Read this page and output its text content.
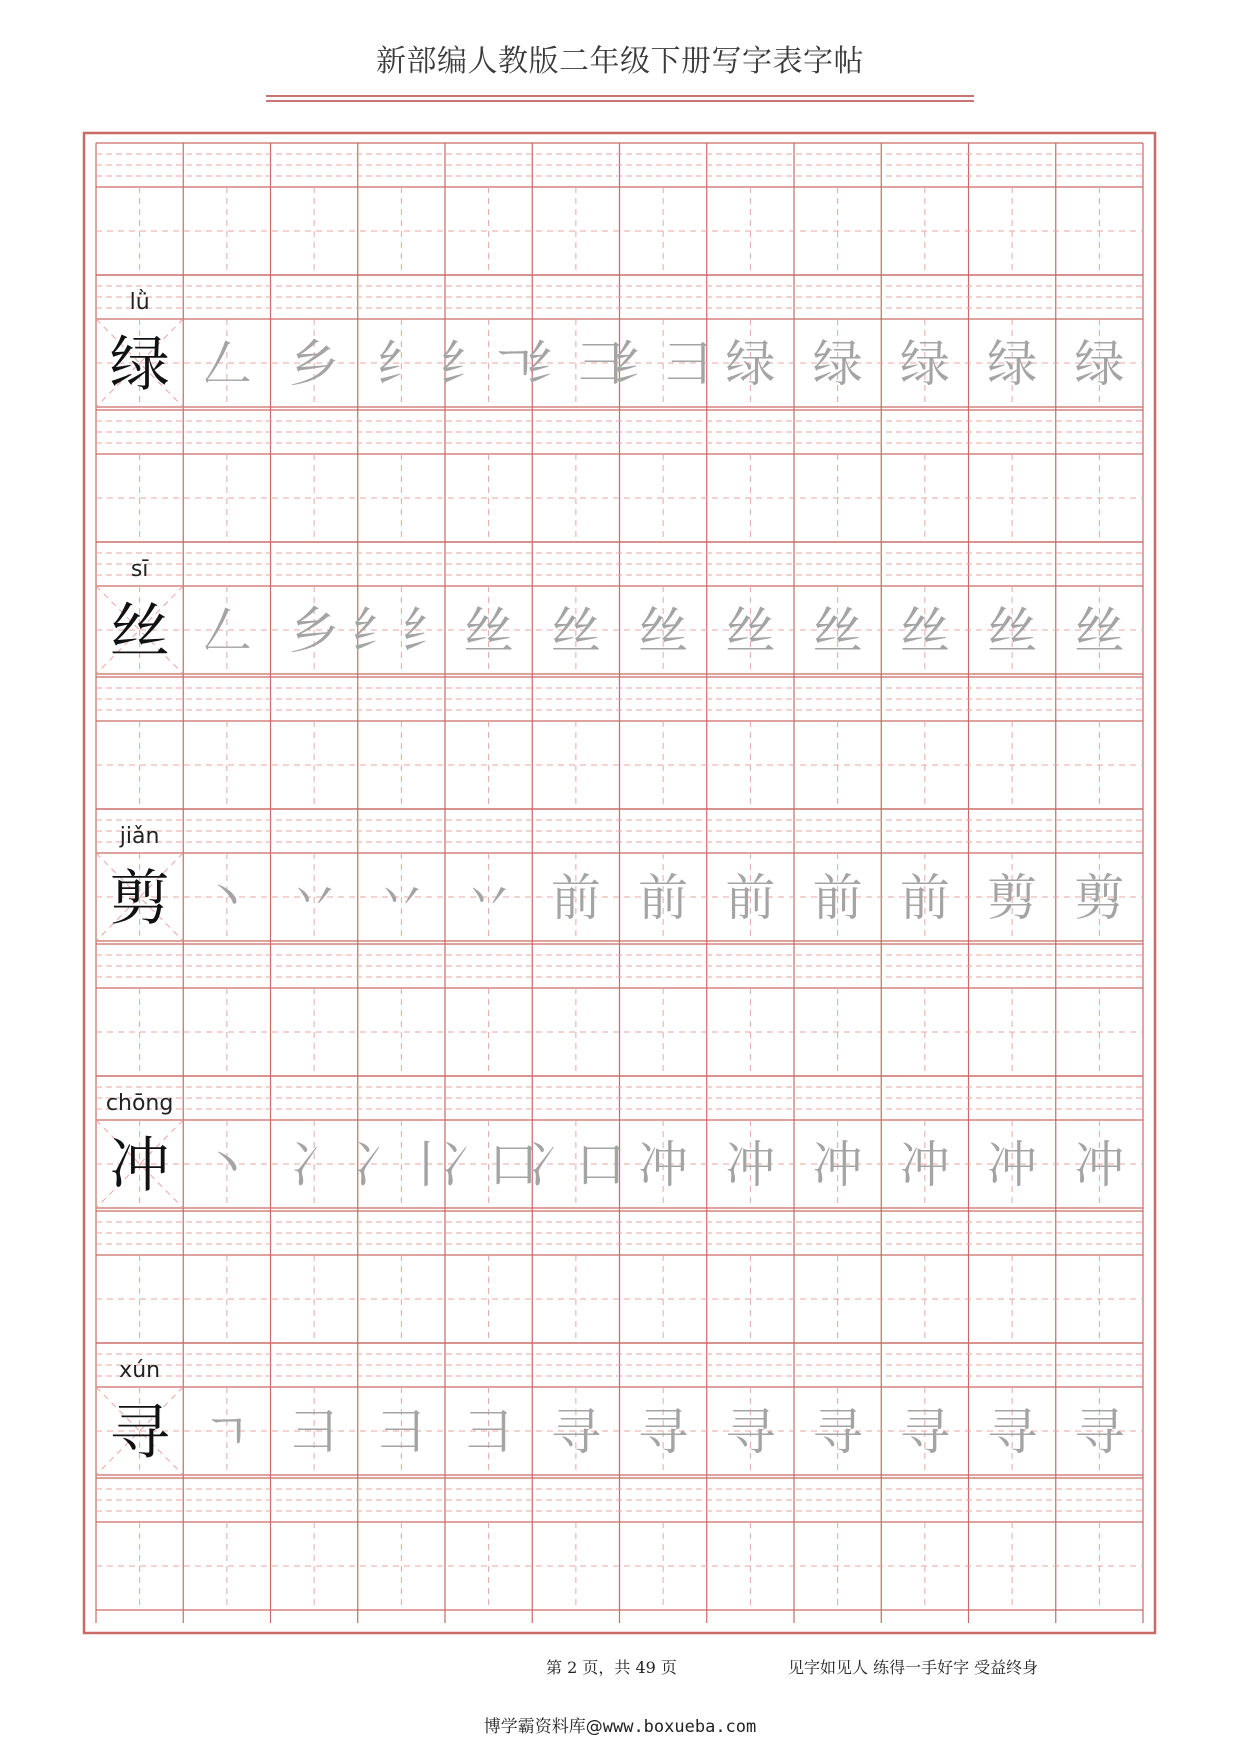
新部编人教版二年级下册写字表字帖
lǜ
绿 𠃋 乡 纟 纟ㄱ
纟彐
纟彐 绿 绿 绿 绿 绿
sī
丝 𠃋 乡 纟纟 丝 丝 丝 丝 丝 丝 丝 丝
jiǎn
剪 丶 丷 丷 丷 前 前 前 前 前 剪 剪
chōng
冲 丶 冫 冫丨
冫口
冫口 冲 冲 冲 冲 冲 冲
xún
寻 ㄱ 彐 彐 彐 寻 寻 寻 寻 寻 寻 寻
第 2 页，共 49 页	见字如见人 练得一手好字 受益终身
博学霸资料库@www.boxueba.com
